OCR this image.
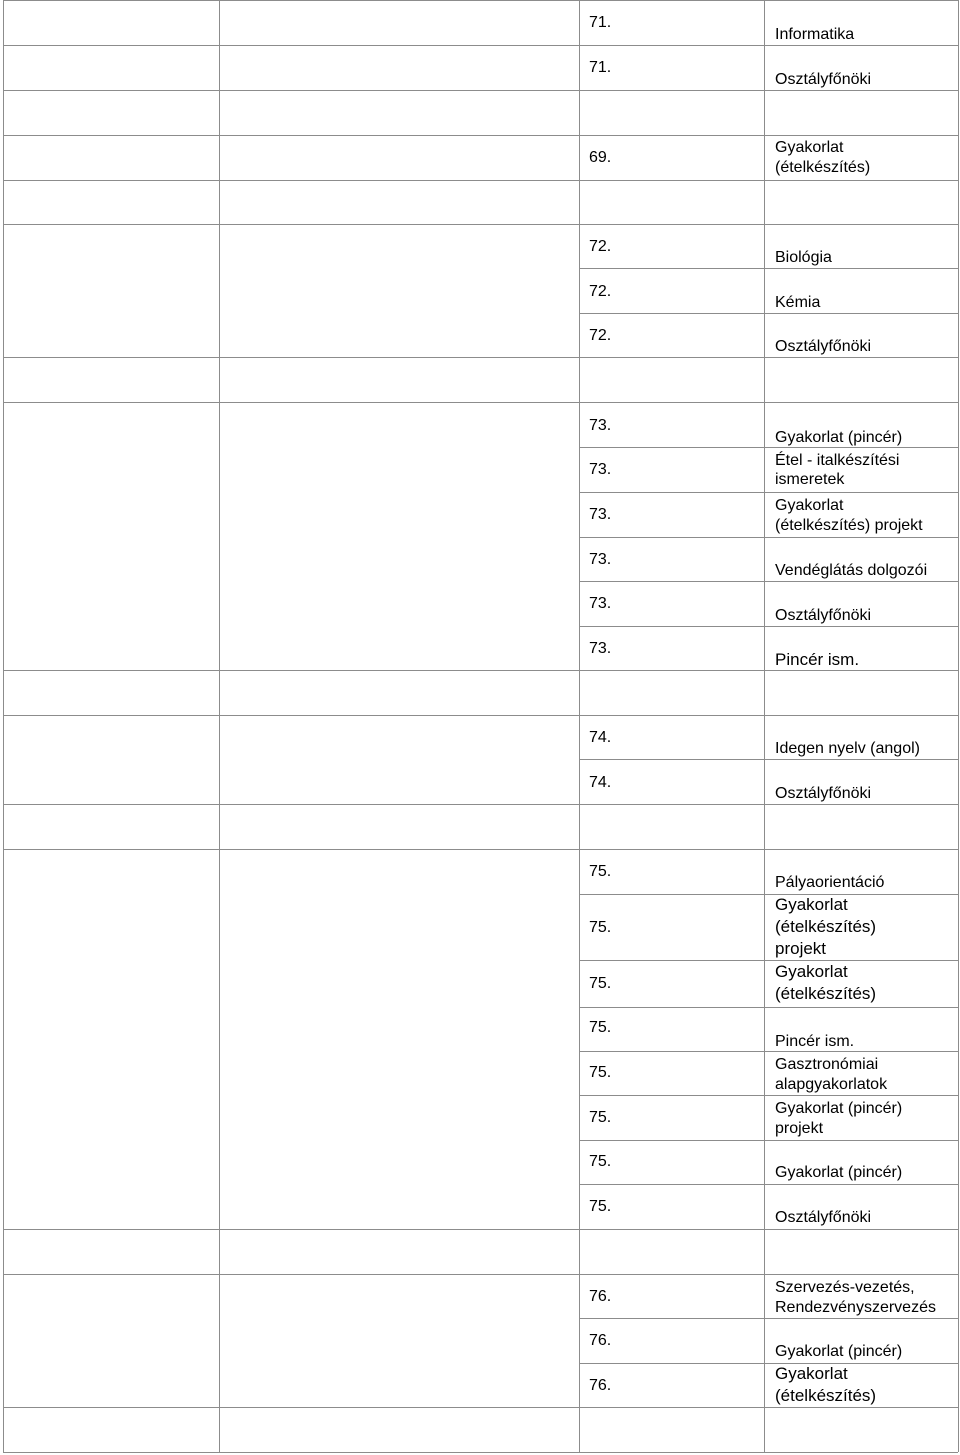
71.
71.
Informatika
Osztályfőnöki
69.
Gyakorlat
(ételkészítés)
72.
72.
72.
Biológia
Kémia
Osztályfőnöki
73.
73.
73.
73.
73.
73.
Gyakorlat (pincér)
Étel - italkészítési
ismeretek
Gyakorlat
(ételkészítés) projekt
Vendéglátás dolgozói
Osztályfőnöki
Pincér ism.
74.
74.
Idegen nyelv (angol)
Osztályfőnöki
75.
75.
75.
75.
75.
75.
75.
75.
Pályaorientáció
Gyakorlat
(ételkészítés)
projekt
Gyakorlat
(ételkészítés)
Pincér ism.
Gasztronómiai
alapgyakorlatok
Gyakorlat (pincér)
projekt
Gyakorlat (pincér)
Osztályfőnöki
76.
76.
76.
Szervezés-vezetés,
Rendezvényszervezés
Gyakorlat (pincér)
Gyakorlat
(ételkészítés)
